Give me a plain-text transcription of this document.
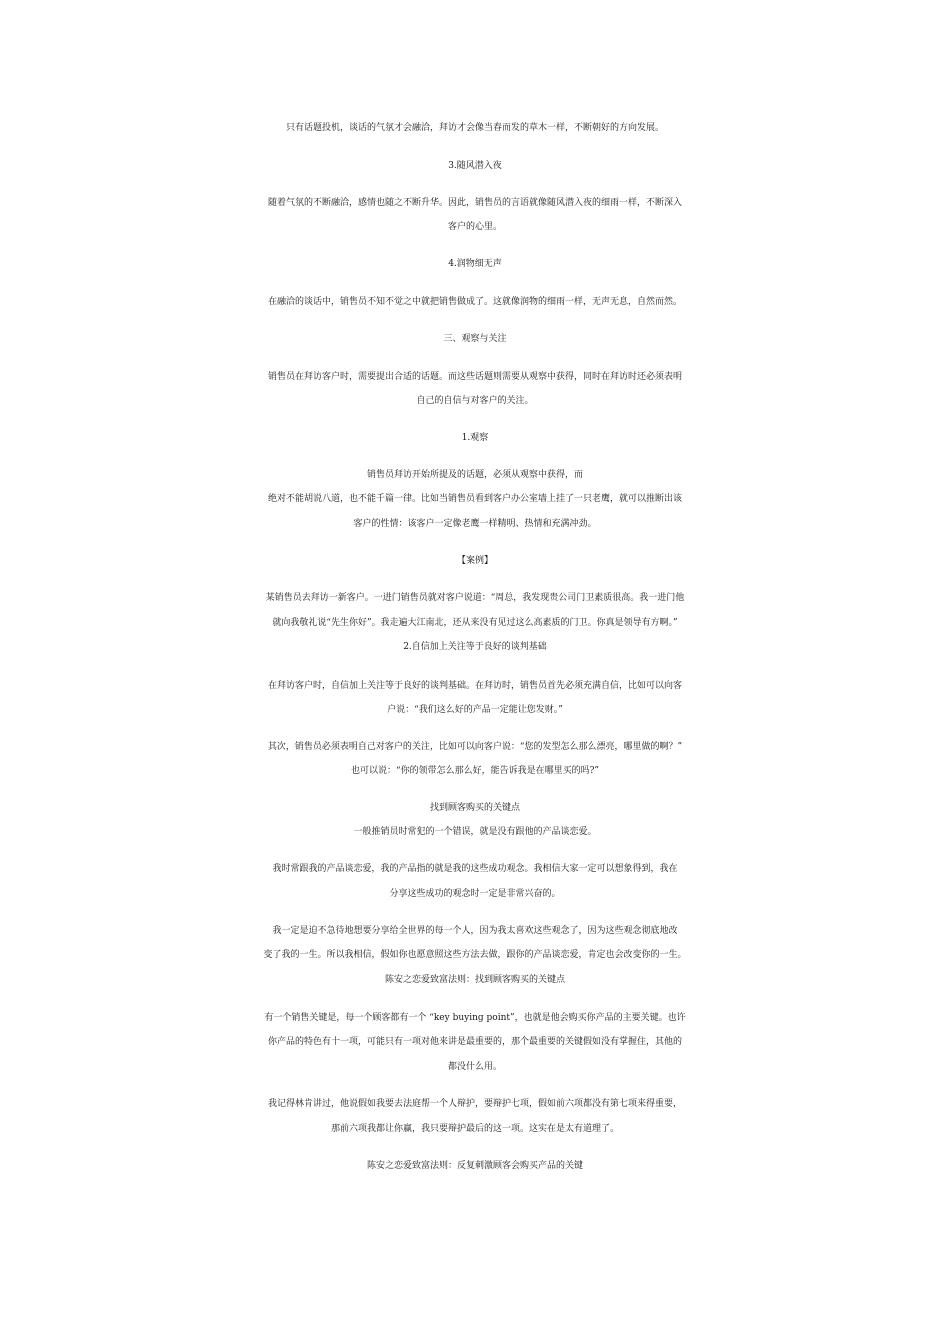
只有话题投机，谈话的气氛才会融洽，拜访才会像当春而发的草木一样，不断朝好的方向发展。

3.随风潜入夜

随着气氛的不断融洽，感情也随之不断升华。因此，销售员的言语就像随风潜入夜的细雨一样，不断深入

客户的心里。

4.润物细无声

在融洽的谈话中，销售员不知不觉之中就把销售做成了。这就像润物的细雨一样，无声无息，自然而然。

三、观察与关注

销售员在拜访客户时，需要提出合适的话题。而这些话题则需要从观察中获得，同时在拜访时还必须表明

自己的自信与对客户的关注。

1.观察

销售员拜访开始所提及的话题，必须从观察中获得，而

绝对不能胡说八道，也不能千篇一律。比如当销售员看到客户办公室墙上挂了一只老鹰，就可以推断出该

客户的性情：该客户一定像老鹰一样精明、热情和充满冲劲。

【案例】

某销售员去拜访一新客户。一进门销售员就对客户说道：“周总，我发现贵公司门卫素质很高。我一进门他

就向我敬礼说“先生你好”。我走遍大江南北，还从来没有见过这么高素质的门卫。你真是领导有方啊。”

2.自信加上关注等于良好的谈判基础

在拜访客户时，自信加上关注等于良好的谈判基础。在拜访时，销售员首先必须充满自信，比如可以向客

户说：“我们这么好的产品一定能让您发财。”

其次，销售员必须表明自己对客户的关注，比如可以向客户说：“您的发型怎么那么漂亮，哪里做的啊？”

也可以说：“你的领带怎么那么好，能告诉我是在哪里买的吗?”

找到顾客购买的关键点

一般推销员时常犯的一个错误，就是没有跟他的产品谈恋爱。

我时常跟我的产品谈恋爱，我的产品指的就是我的这些成功观念。我相信大家一定可以想象得到，我在

分享这些成功的观念时一定是非常兴奋的。

我一定是迫不急待地想要分享给全世界的每一个人，因为我太喜欢这些观念了，因为这些观念彻底地改

变了我的一生。所以我相信，假如你也愿意照这些方法去做，跟你的产品谈恋爱，肯定也会改变你的一生。

陈安之恋爱致富法则：找到顾客购买的关键点

有一个销售关键是，每一个顾客都有一个 “key buying point”，也就是他会购买你产品的主要关键。也许

你产品的特色有十一项，可能只有一项对他来讲是最重要的，那个最重要的关键假如没有掌握住，其他的

都没什么用。

我记得林肯讲过，他说假如我要去法庭帮一个人辩护，要辩护七项，假如前六项都没有第七项来得重要，

那前六项我都让你赢，我只要辩护最后的这一项。这实在是太有道理了。

陈安之恋爱致富法则：反复刺激顾客会购买产品的关键
